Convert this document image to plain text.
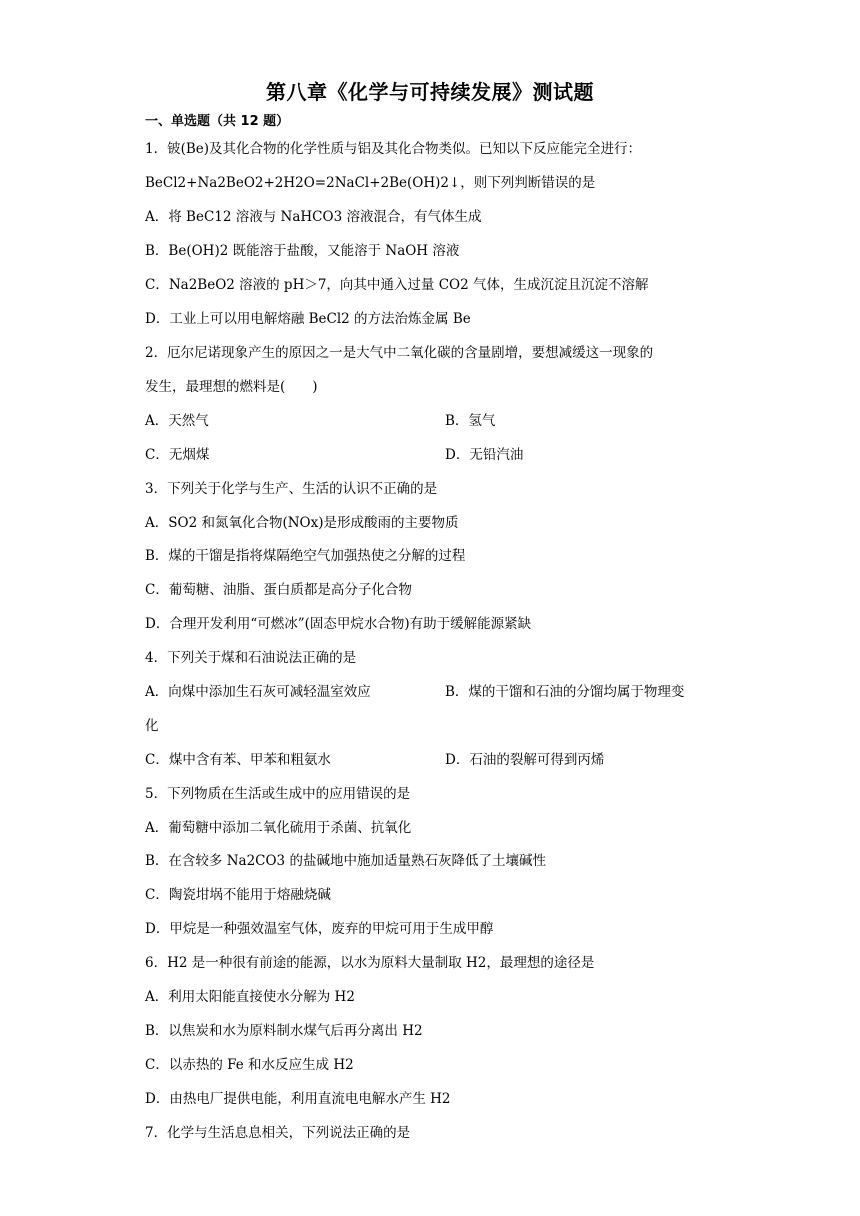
第八章《化学与可持续发展》测试题
一、单选题（共 12 题）
1．铍(Be)及其化合物的化学性质与铝及其化合物类似。已知以下反应能完全进行：
BeCl2+Na2BeO2+2H2O=2NaCl+2Be(OH)2↓，则下列判断错误的是
A．将 BeC12 溶液与 NaHCO3 溶液混合，有气体生成
B．Be(OH)2 既能溶于盐酸，又能溶于 NaOH 溶液
C．Na2BeO2 溶液的 pH＞7，向其中通入过量 CO2 气体，生成沉淀且沉淀不溶解
D．工业上可以用电解熔融 BeCl2 的方法治炼金属 Be
2．厄尔尼诺现象产生的原因之一是大气中二氧化碳的含量剧增，要想减缓这一现象的
发生，最理想的燃料是(　　)
A．天然气	B．氢气
C．无烟煤	D．无铅汽油
3．下列关于化学与生产、生活的认识不正确的是
A．SO2 和氮氧化合物(NOx)是形成酸雨的主要物质
B．煤的干馏是指将煤隔绝空气加强热使之分解的过程
C．葡萄糖、油脂、蛋白质都是高分子化合物
D．合理开发利用“可燃冰”(固态甲烷水合物)有助于缓解能源紧缺
4．下列关于煤和石油说法正确的是
A．向煤中添加生石灰可减轻温室效应	B．煤的干馏和石油的分馏均属于物理变
化
C．煤中含有苯、甲苯和粗氨水	D．石油的裂解可得到丙烯
5．下列物质在生活或生成中的应用错误的是
A．葡萄糖中添加二氧化硫用于杀菌、抗氧化
B．在含较多 Na2CO3 的盐碱地中施加适量熟石灰降低了土壤碱性
C．陶瓷坩埚不能用于熔融烧碱
D．甲烷是一种强效温室气体，废弃的甲烷可用于生成甲醇
6．H2 是一种很有前途的能源，以水为原料大量制取 H2，最理想的途径是
A．利用太阳能直接使水分解为 H2
B．以焦炭和水为原料制水煤气后再分离出 H2
C．以赤热的 Fe 和水反应生成 H2
D．由热电厂提供电能，利用直流电电解水产生 H2
7．化学与生活息息相关，下列说法正确的是
